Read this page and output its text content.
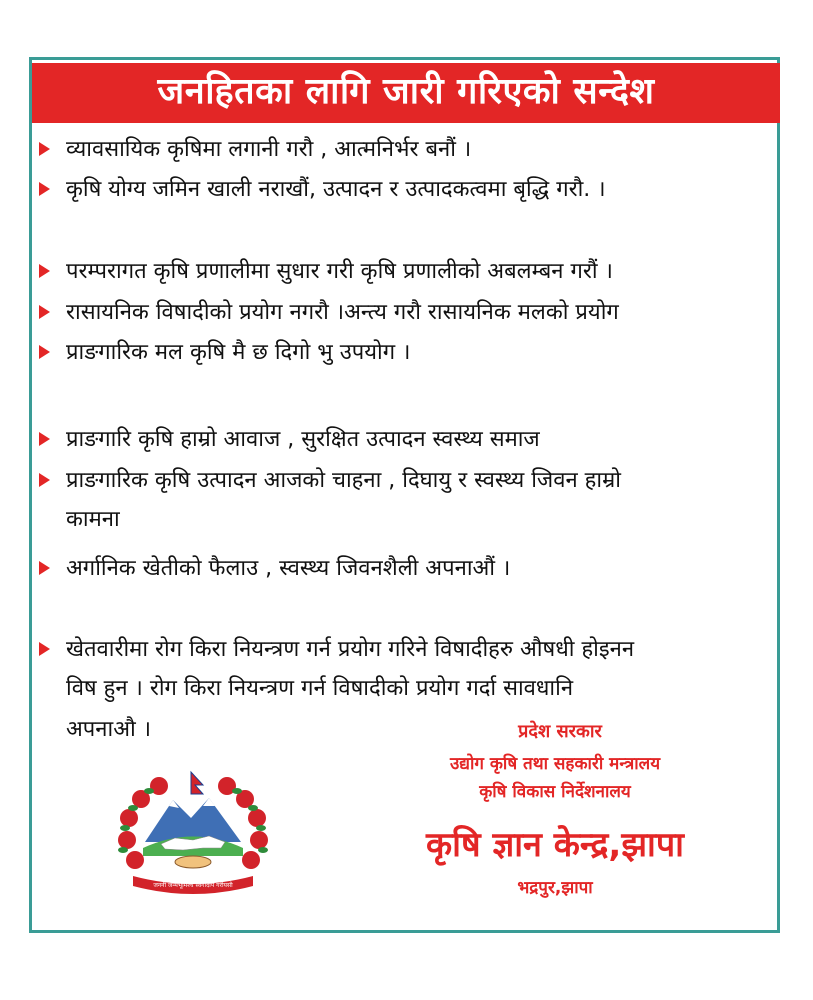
जनहितका लागि जारी गरिएको सन्देश
व्यावसायिक कृषिमा लगानी गरौ , आत्मनिर्भर बनौं ।
कृषि योग्य जमिन खाली नराखौं, उत्पादन र उत्पादकत्वमा बृद्धि गरौ. ।
परम्परागत कृषि प्रणालीमा सुधार गरी कृषि प्रणालीको अबलम्बन गरौं ।
रासायनिक विषादीको प्रयोग नगरौ ।अन्त्य गरौ रासायनिक मलको प्रयोग
प्राङगारिक मल कृषि मै छ दिगो भु उपयोग ।
प्राङगारि कृषि हाम्रो आवाज , सुरक्षित उत्पादन स्वस्थ्य समाज
प्राङगारिक कृषि उत्पादन आजको चाहना , दिघायु र स्वस्थ्य जिवन हाम्रो
कामना
अर्गानिक खेतीको फैलाउ , स्वस्थ्य जिवनशैली अपनाऔं ।
खेतवारीमा रोग किरा नियन्त्रण गर्न प्रयोग गरिने विषादीहरु औषधी होइनन
विष हुन । रोग किरा नियन्त्रण गर्न विषादीको प्रयोग गर्दा सावधानि
अपनाऔ ।	प्रदेश सरकार
उद्योग कृषि तथा सहकारी मन्त्रालय
कृषि विकास निर्देशनालय
कृषि ज्ञान केन्द्र,झापा
भद्रपुर,झापा
जननी जन्मभूमिश्च स्वर्गादपि गरीयसी
